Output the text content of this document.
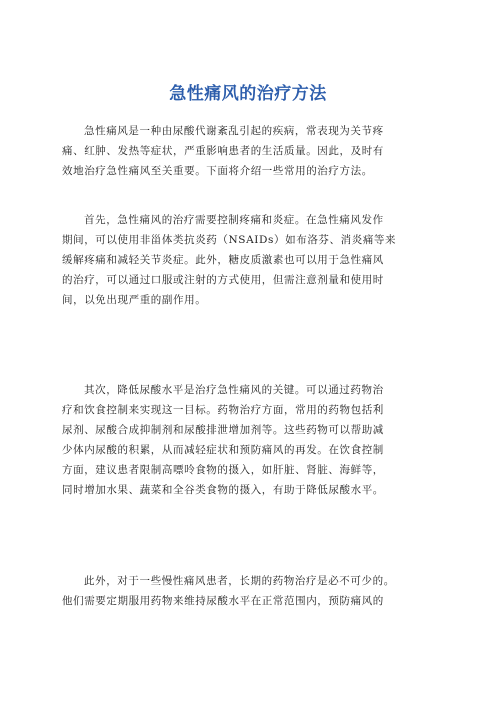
急性痛风的治疗方法
急性痛风是一种由尿酸代谢紊乱引起的疾病，常表现为关节疼
痛、红肿、发热等症状，严重影响患者的生活质量。因此，及时有
效地治疗急性痛风至关重要。下面将介绍一些常用的治疗方法。
首先，急性痛风的治疗需要控制疼痛和炎症。在急性痛风发作
期间，可以使用非甾体类抗炎药（NSAIDs）如布洛芬、消炎痛等来
缓解疼痛和减轻关节炎症。此外，糖皮质激素也可以用于急性痛风
的治疗，可以通过口服或注射的方式使用，但需注意剂量和使用时
间，以免出现严重的副作用。
其次，降低尿酸水平是治疗急性痛风的关键。可以通过药物治
疗和饮食控制来实现这一目标。药物治疗方面，常用的药物包括利
尿剂、尿酸合成抑制剂和尿酸排泄增加剂等。这些药物可以帮助减
少体内尿酸的积累，从而减轻症状和预防痛风的再发。在饮食控制
方面，建议患者限制高嘌呤食物的摄入，如肝脏、肾脏、海鲜等，
同时增加水果、蔬菜和全谷类食物的摄入，有助于降低尿酸水平。
此外，对于一些慢性痛风患者，长期的药物治疗是必不可少的。
他们需要定期服用药物来维持尿酸水平在正常范围内，预防痛风的
